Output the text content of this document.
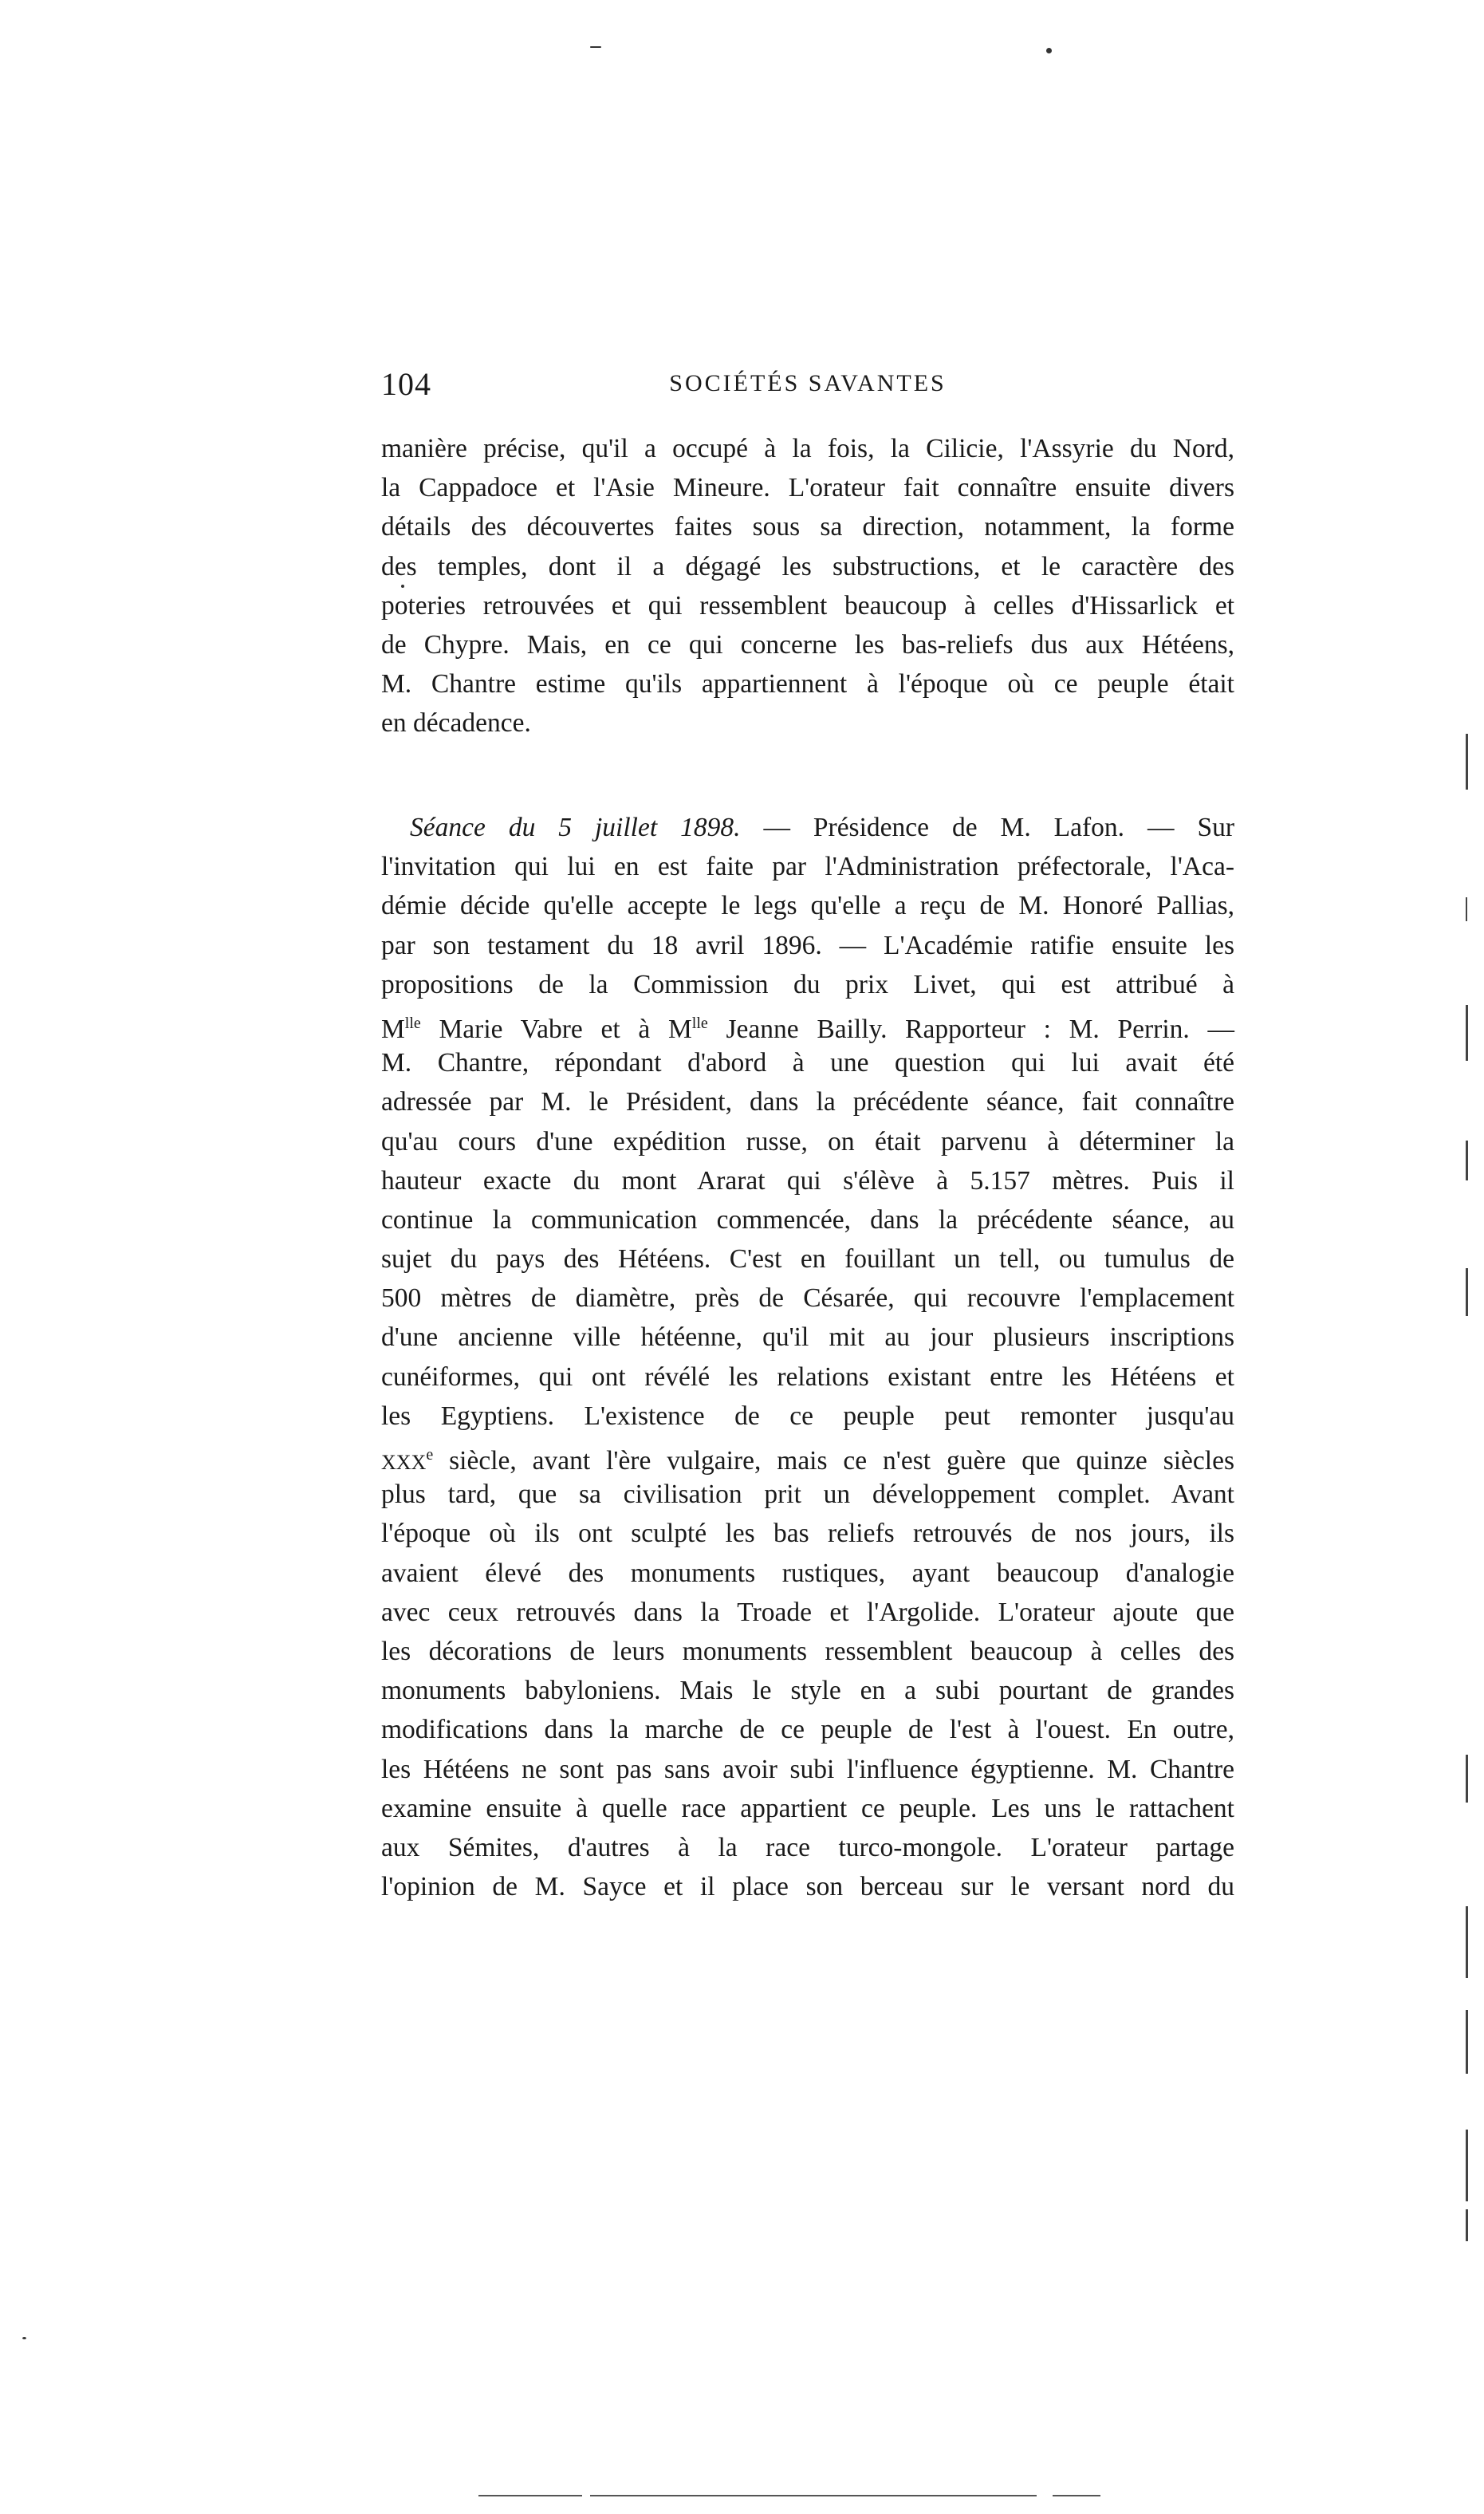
104	SOCIÉTÉS SAVANTES
manière précise, qu'il a occupé à la fois, la Cilicie, l'Assyrie du Nord,
la Cappadoce et l'Asie Mineure. L'orateur fait connaître ensuite divers
détails des découvertes faites sous sa direction, notamment, la forme
des temples, dont il a dégagé les substructions, et le caractère des
poteries retrouvées et qui ressemblent beaucoup à celles d'Hissarlick et
de Chypre. Mais, en ce qui concerne les bas-reliefs dus aux Hétéens,
M. Chantre estime qu'ils appartiennent à l'époque où ce peuple était
en décadence.
Séance du 5 juillet 1898. — Présidence de M. Lafon. — Sur
l'invitation qui lui en est faite par l'Administration préfectorale, l'Aca-
démie décide qu'elle accepte le legs qu'elle a reçu de M. Honoré Pallias,
par son testament du 18 avril 1896. — L'Académie ratifie ensuite les
propositions de la Commission du prix Livet, qui est attribué à
$M^{lle}$ Marie Vabre et à $M^{lle}$ Jeanne Bailly. Rapporteur : M. Perrin. —
M. Chantre, répondant d'abord à une question qui lui avait été
adressée par M. le Président, dans la précédente séance, fait connaître
qu'au cours d'une expédition russe, on était parvenu à déterminer la
hauteur exacte du mont Ararat qui s'élève à 5.157 mètres. Puis il
continue la communication commencée, dans la précédente séance, au
sujet du pays des Hétéens. C'est en fouillant un tell, ou tumulus de
500 mètres de diamètre, près de Césarée, qui recouvre l'emplacement
d'une ancienne ville hétéenne, qu'il mit au jour plusieurs inscriptions
cunéiformes, qui ont révélé les relations existant entre les Hétéens et
les Egyptiens. L'existence de ce peuple peut remonter jusqu'au
XXXe siècle, avant l'ère vulgaire, mais ce n'est guère que quinze siècles
plus tard, que sa civilisation prit un développement complet. Avant
l'époque où ils ont sculpté les bas reliefs retrouvés de nos jours, ils
avaient élevé des monuments rustiques, ayant beaucoup d'analogie
avec ceux retrouvés dans la Troade et l'Argolide. L'orateur ajoute que
les décorations de leurs monuments ressemblent beaucoup à celles des
monuments babyloniens. Mais le style en a subi pourtant de grandes
modifications dans la marche de ce peuple de l'est à l'ouest. En outre,
les Hétéens ne sont pas sans avoir subi l'influence égyptienne. M. Chantre
examine ensuite à quelle race appartient ce peuple. Les uns le rattachent
aux Sémites, d'autres à la race turco-mongole. L'orateur partage
l'opinion de M. Sayce et il place son berceau sur le versant nord du
